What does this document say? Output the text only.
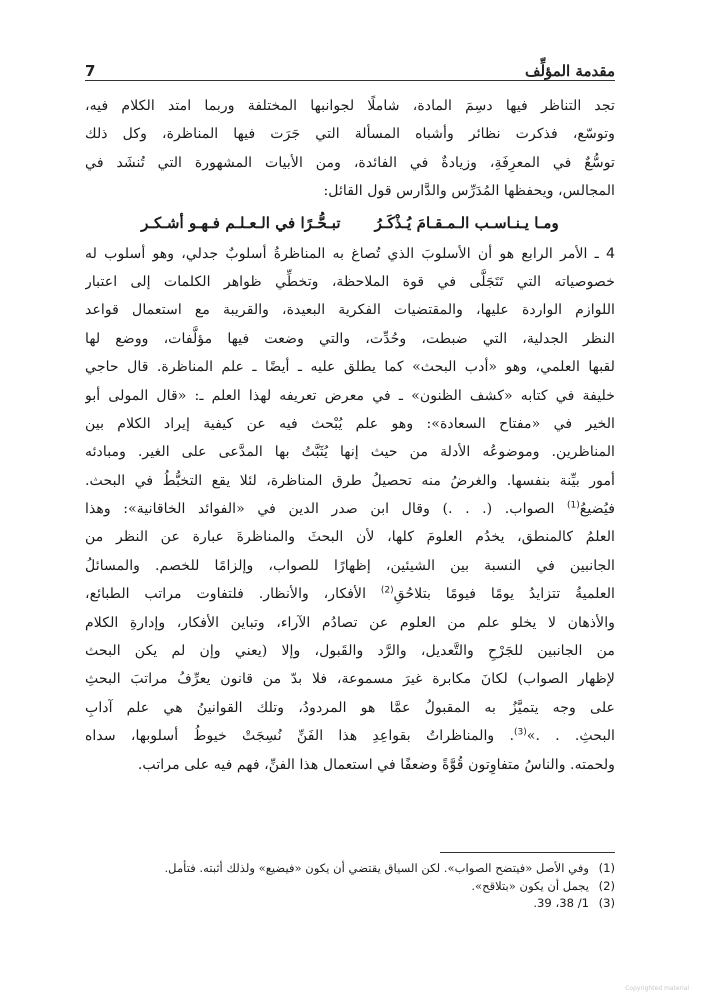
مقدمة المؤلِّف
7

تجد التناظر فيها دسِمَ المادة، شاملًا لجوانبها المختلفة وربما امتد الكلام فيه،
وتوسّع، فذكرت نظائر وأشباه المسألة التي جَرَت فيها المناظرة، وكل ذلك
توسُّعٌ في المعرِفَةِ، وزيادةٌ في الفائدة، ومن الأبيات المشهورة التي تُنشَد في
المجالس، ويحفظها المُدَرِّس والدَّارس قول القائل:

ومـا يـنـاسـب الـمـقـامَ يُـذْكَـرُ
تبـحُّـرًا في الـعـلـم فـهـو أشـكـر

4 ـ الأمر الرابع هو أن الأسلوبَ الذي تُصاغ به المناظرةُ أسلوبٌ جدلي، وهو أسلوب له
خصوصياته التي تَتَجَلَّى في قوة الملاحظة، وتخطِّي ظواهر الكلمات إلى اعتبار
اللوازم الواردة عليها، والمقتضيات الفكرية البعيدة، والقريبة مع استعمال قواعد
النظر الجدلية، التي ضبطت، وحُدِّت، والتي وضعت فيها مؤلَّفات، ووضع لها
لقبها العلمي، وهو «أدب البحث» كما يطلق عليه ـ أيضًا ـ علم المناظرة. قال حاجي
خليفة في كتابه «كشف الظنون» ـ في معرض تعريفه لهذا العلم ـ: «قال المولى أبو
الخير في «مفتاح السعادة»: وهو علم يُبْحث فيه عن كيفية إيراد الكلام بين
المناظرين. وموضوعُه الأدلة من حيث إنها يُثَبَّتُ بها المدَّعى على الغير. ومبادئه
أمور بيِّنة بنفسها. والغرضُ منه تحصيلُ طرق المناظرة، لئلا يقع التخبُّطُ في البحث.
فيُضيعُ$^{(1)}$ الصواب. (. . .) وقال ابن صدر الدين في «الفوائد الخاقانية»: وهذا
العلمُ كالمنطق، يخدُم العلومَ كلها، لأن البحثَ والمناظرةَ عبارة عن النظر من
الجانبين في النسبة بين الشيئين، إظهارًا للصواب، وإلزامًا للخصم. والمسائلُ
العلميةُ تتزايدُ يومًا فيومًا بتلاحُقِ$^{(2)}$ الأفكار، والأنظار. فلتفاوت مراتب الطبائع،
والأذهان لا يخلو علم من العلوم عن تصادُم الآراء، وتباين الأفكار، وإدارةِ الكلام
من الجانبين للجَرْحِ والتَّعديل، والرَّد والقَبول، وإلا (يعني وإن لم يكن البحث
لإظهار الصواب) لكانَ مكابرة غيرَ مسموعة، فلا بدّ من قانون يعرِّفُ مراتبَ البحثِ
على وجه يتميَّزُ به المقبولُ عمَّا هو المردودُ، وتلك القوانينُ هي علم آدابِ
البحثِ. . .»$^{(3)}$. والمناظراتُ بقواعِدِ هذا الفَنِّ نُسِجَتْ خيوطُ أسلوبها، سداه
ولحمته. والناسُ متفاوِتون قُوَّةً وضعفًا في استعمال هذا الفنِّ، فهم فيه على مراتب.

(1)
وفي الأصل «فيتضح الصواب». لكن السياق يقتضي أن يكون «فيضيع» ولذلك أثبته. فتأمل.
(2)
يجمل أن يكون «بتلاقح».
(3)
1/ 38، 39.
Copyrighted material
